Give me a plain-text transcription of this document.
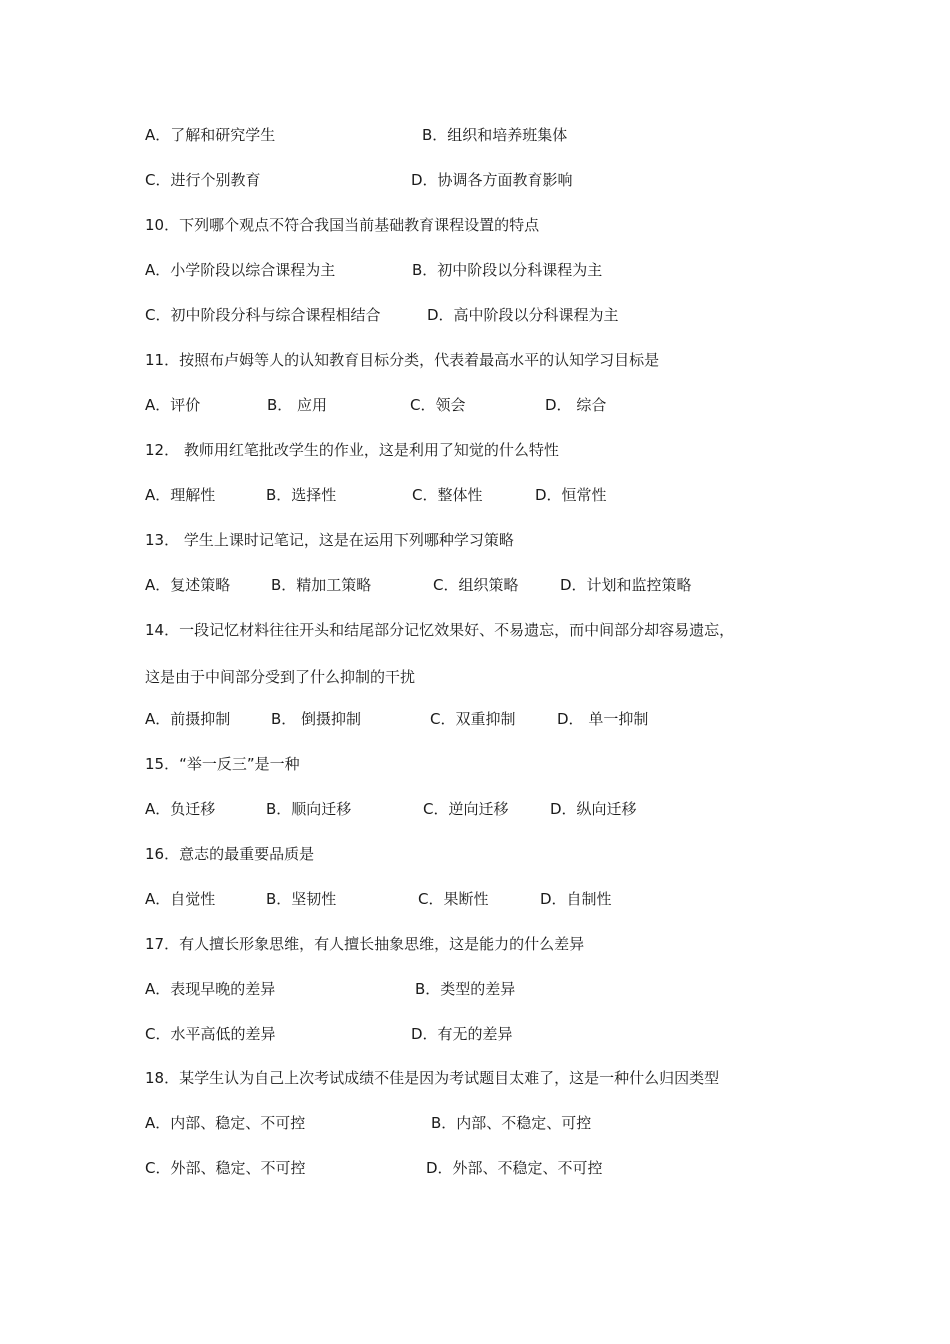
A．了解和研究学生	B．组织和培养班集体
C．进行个别教育	D．协调各方面教育影响
10．下列哪个观点不符合我国当前基础教育课程设置的特点
A．小学阶段以综合课程为主	B．初中阶段以分科课程为主
C．初中阶段分科与综合课程相结合	D．高中阶段以分科课程为主
11．按照布卢姆等人的认知教育目标分类，代表着最高水平的认知学习目标是
A．评价	B． 应用	C．领会	D． 综合
12． 教师用红笔批改学生的作业，这是利用了知觉的什么特性
A．理解性	B．选择性	C．整体性	D．恒常性
13． 学生上课时记笔记，这是在运用下列哪种学习策略
A．复述策略	B．精加工策略	C．组织策略	D．计划和监控策略
14．一段记忆材料往往开头和结尾部分记忆效果好、不易遗忘，而中间部分却容易遗忘，
这是由于中间部分受到了什么抑制的干扰
A．前摄抑制	B． 倒摄抑制	C．双重抑制	D． 单一抑制
15．“举一反三”是一种
A．负迁移	B．顺向迁移	C．逆向迁移	D．纵向迁移
16．意志的最重要品质是
A．自觉性	B．坚韧性	C．果断性	D．自制性
17．有人擅长形象思维，有人擅长抽象思维，这是能力的什么差异
A．表现早晚的差异	B．类型的差异
C．水平高低的差异	D．有无的差异
18．某学生认为自己上次考试成绩不佳是因为考试题目太难了，这是一种什么归因类型
A．内部、稳定、不可控	B．内部、不稳定、可控
C．外部、稳定、不可控	D．外部、不稳定、不可控
